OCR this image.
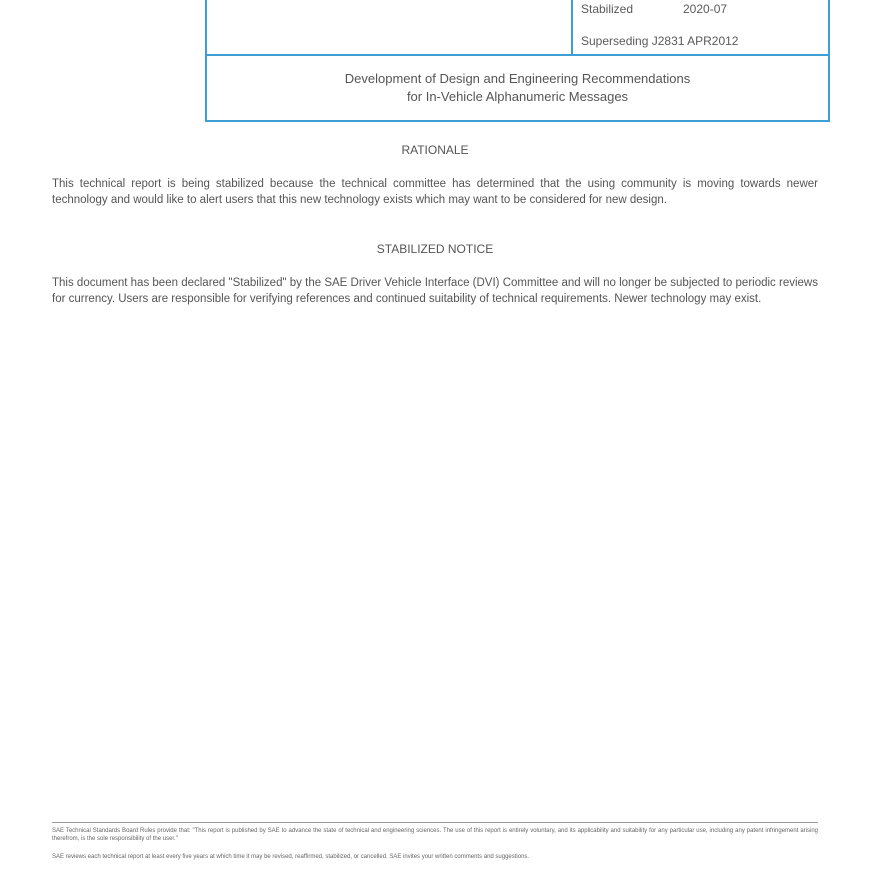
Stabilized	2020-07
Superseding J2831 APR2012
Development of Design and Engineering Recommendations
for In-Vehicle Alphanumeric Messages
RATIONALE
This technical report is being stabilized because the technical committee has determined that the using community is moving towards newer technology and would like to alert users that this new technology exists which may want to be considered for new design.
STABILIZED NOTICE
This document has been declared "Stabilized" by the SAE Driver Vehicle Interface (DVI) Committee and will no longer be subjected to periodic reviews for currency. Users are responsible for verifying references and continued suitability of technical requirements. Newer technology may exist.
SAE Technical Standards Board Rules provide that: "This report is published by SAE to advance the state of technical and engineering sciences. The use of this report is entirely voluntary, and its applicability and suitability for any particular use, including any patent infringement arising therefrom, is the sole responsibility of the user."
SAE reviews each technical report at least every five years at which time it may be revised, reaffirmed, stabilized, or cancelled. SAE invites your written comments and suggestions.
